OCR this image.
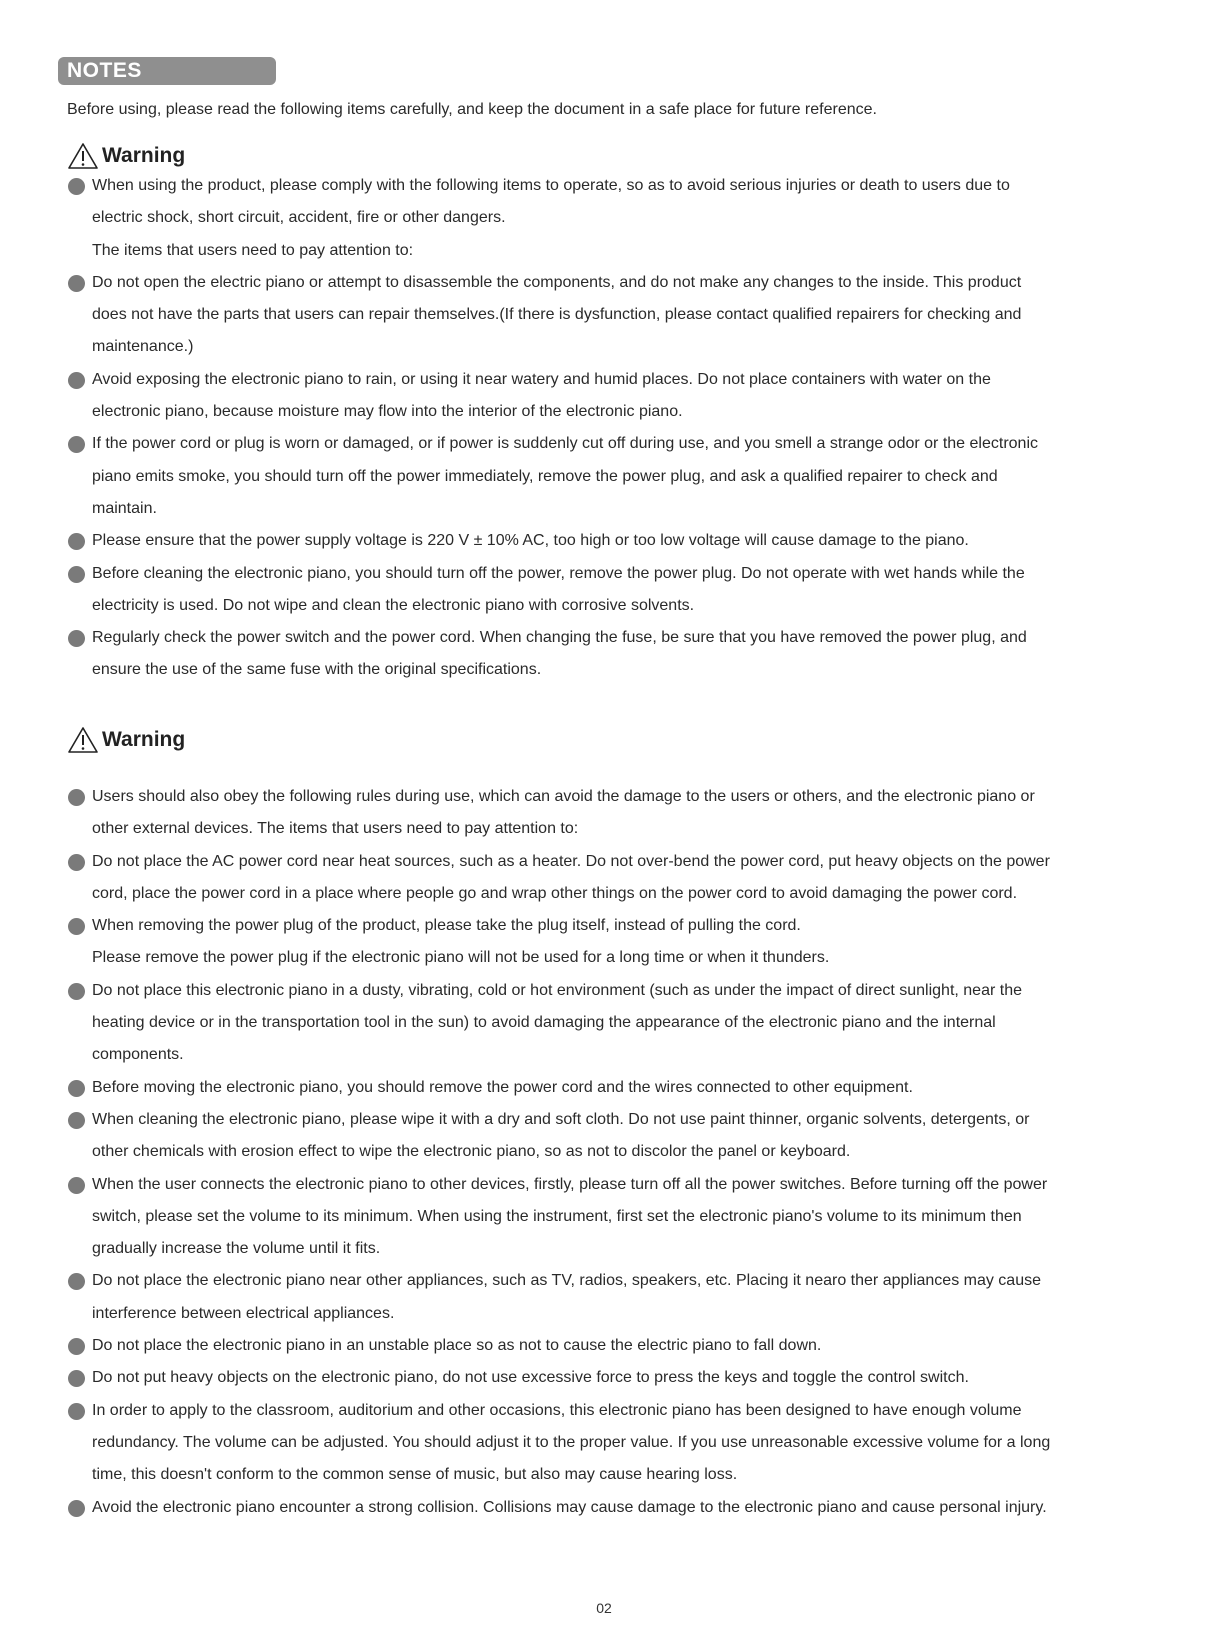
NOTES
Before using, please read the following items carefully, and keep the document in a safe place for future reference.
Warning
When using the product, please comply with the following items to operate, so as to avoid serious injuries or death to users due to
electric shock, short circuit, accident, fire or other dangers.
The items that users need to pay attention to:
Do not open the electric piano or attempt to disassemble the components, and do not make any changes to the inside. This product
does not have the parts that users can repair themselves.(If there is dysfunction, please contact qualified repairers for checking and
maintenance.)
Avoid exposing the electronic piano to rain, or using it near watery and humid places. Do not place containers with water on the
electronic piano, because moisture may flow into the interior of the electronic piano.
If the power cord or plug is worn or damaged, or if power is suddenly cut off during use, and you smell a strange odor or the electronic
piano emits smoke, you should turn off the power immediately, remove the power plug, and ask a qualified repairer to check and
maintain.
Please ensure that the power supply voltage is 220 V ± 10% AC, too high or too low voltage will cause damage to the piano.
Before cleaning the electronic piano, you should turn off the power, remove the power plug. Do not operate with wet hands while the
electricity is used. Do not wipe and clean the electronic piano with corrosive solvents.
Regularly check the power switch and the power cord. When changing the fuse, be sure that you have removed the power plug, and
ensure the use of the same fuse with the original specifications.
Warning
Users should also obey the following rules during use, which can avoid the damage to the users or others, and the electronic piano or
other external devices. The items that users need to pay attention to:
Do not place the AC power cord near heat sources, such as a heater. Do not over-bend the power cord, put heavy objects on the power
cord, place the power cord in a place where people go and wrap other things on the power cord to avoid damaging the power cord.
When removing the power plug of the product, please take the plug itself, instead of pulling the cord.
Please remove the power plug if the electronic piano will not be used for a long time or when it thunders.
Do not place this electronic piano in a dusty, vibrating, cold or hot environment (such as under the impact of direct sunlight, near the
heating device or in the transportation tool in the sun) to avoid damaging the appearance of the electronic piano and the internal
components.
Before moving the electronic piano, you should remove the power cord and the wires connected to other equipment.
When cleaning the electronic piano, please wipe it with a dry and soft cloth. Do not use paint thinner, organic solvents, detergents, or
other chemicals with erosion effect to wipe the electronic piano, so as not to discolor the panel or keyboard.
When the user connects the electronic piano to other devices, firstly, please turn off all the power switches. Before turning off the power
switch, please set the volume to its minimum. When using the instrument, first set the electronic piano's volume to its minimum then
gradually increase the volume until it fits.
Do not place the electronic piano near other appliances, such as TV, radios, speakers, etc. Placing it nearo ther appliances may cause
interference between electrical appliances.
Do not place the electronic piano in an unstable place so as not to cause the electric piano to fall down.
Do not put heavy objects on the electronic piano, do not use excessive force to press the keys and toggle the control switch.
In order to apply to the classroom, auditorium and other occasions, this electronic piano has been designed to have enough volume
redundancy. The volume can be adjusted. You should adjust it to the proper value. If you use unreasonable excessive volume for a long
time, this doesn't conform to the common sense of music, but also may cause hearing loss.
Avoid the electronic piano encounter a strong collision. Collisions may cause damage to the electronic piano and cause personal injury.
02
